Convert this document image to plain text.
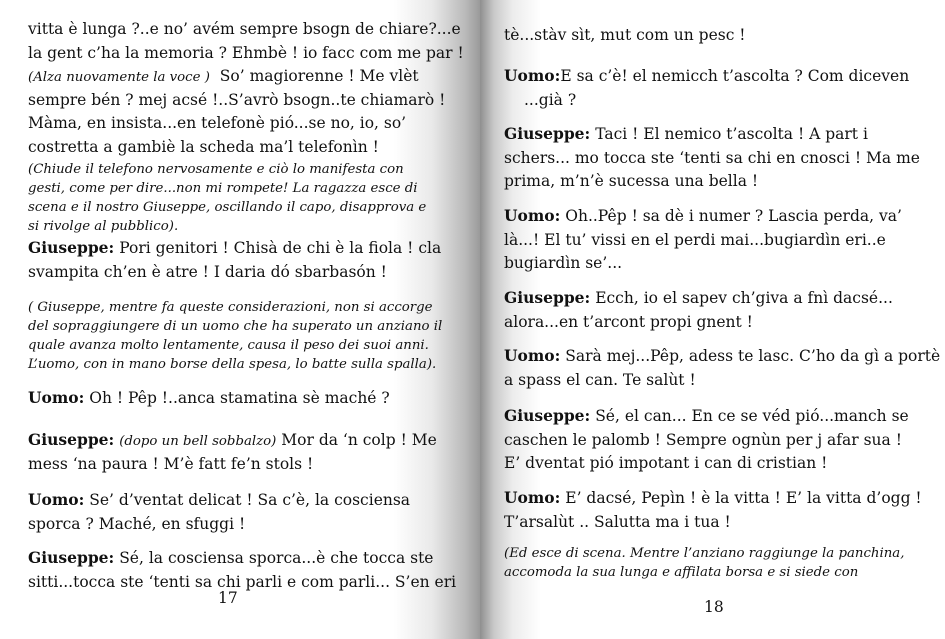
vitta è lunga ?..e no’ avém sempre bsogn de chiare?...e
la gent c’ha la memoria ? Ehmbè ! io facc com me par !
(Alza nuovamente la voce ) So’ magiorenne ! Me vlèt
sempre bén ? mej acsé !..S’avrò bsogn..te chiamarò !
Màma, en insista...en telefonè pió...se no, io, so’
costretta a gambiè la scheda ma’l telefonìn !

(Chiude il telefono nervosamente e ciò lo manifesta con
gesti, come per dire...non mi rompete! La ragazza esce di
scena e il nostro Giuseppe, oscillando il capo, disapprova e
si rivolge al pubblico).

Giuseppe: Pori genitori ! Chisà de chi è la fiola ! cla
svampita ch’en è atre ! I daria dó sbarbasón !

( Giuseppe, mentre fa queste considerazioni, non si accorge
del sopraggiungere di un uomo che ha superato un anziano il
quale avanza molto lentamente, causa il peso dei suoi anni.
L’uomo, con in mano borse della spesa, lo batte sulla spalla).

Uomo: Oh ! Pêp !..anca stamatina sè maché ?

Giuseppe: (dopo un bell sobbalzo) Mor da ‘n colp ! Me
mess ‘na paura ! M’è fatt fe’n stols !

Uomo: Se’ d’ventat delicat ! Sa c’è, la cosciensa
sporca ? Maché, en sfuggi !

Giuseppe: Sé, la cosciensa sporca...è che tocca ste
sitti...tocca ste ‘tenti sa chi parli e com parli... S’en eri

17

tè...stàv sìt, mut com un pesc !

Uomo:E sa c’è! el nemicch t’ascolta ? Com diceven
...già ?

Giuseppe: Taci ! El nemico t’ascolta ! A part i
schers... mo tocca ste ‘tenti sa chi en cnosci ! Ma me
prima, m’n’è sucessa una bella !

Uomo: Oh..Pêp ! sa dè i numer ? Lascia perda, va’
là...! El tu’ vissi en el perdi mai...bugiardìn eri..e
bugiardìn se’...

Giuseppe: Ecch, io el sapev ch’giva a fnì dacsé...
alora...en t’arcont propi gnent !

Uomo: Sarà mej...Pêp, adess te lasc. C’ho da gì a portè
a spass el can. Te salùt !

Giuseppe: Sé, el can... En ce se véd pió...manch se
caschen le palomb ! Sempre ognùn per j afar sua !
E’ dventat pió impotant i can di cristian !

Uomo: E’ dacsé, Pepìn ! è la vitta ! E’ la vitta d’ogg !
T’arsalùt .. Salutta ma i tua !

(Ed esce di scena. Mentre l’anziano raggiunge la panchina,
accomoda la sua lunga e affilata borsa e si siede con

18
